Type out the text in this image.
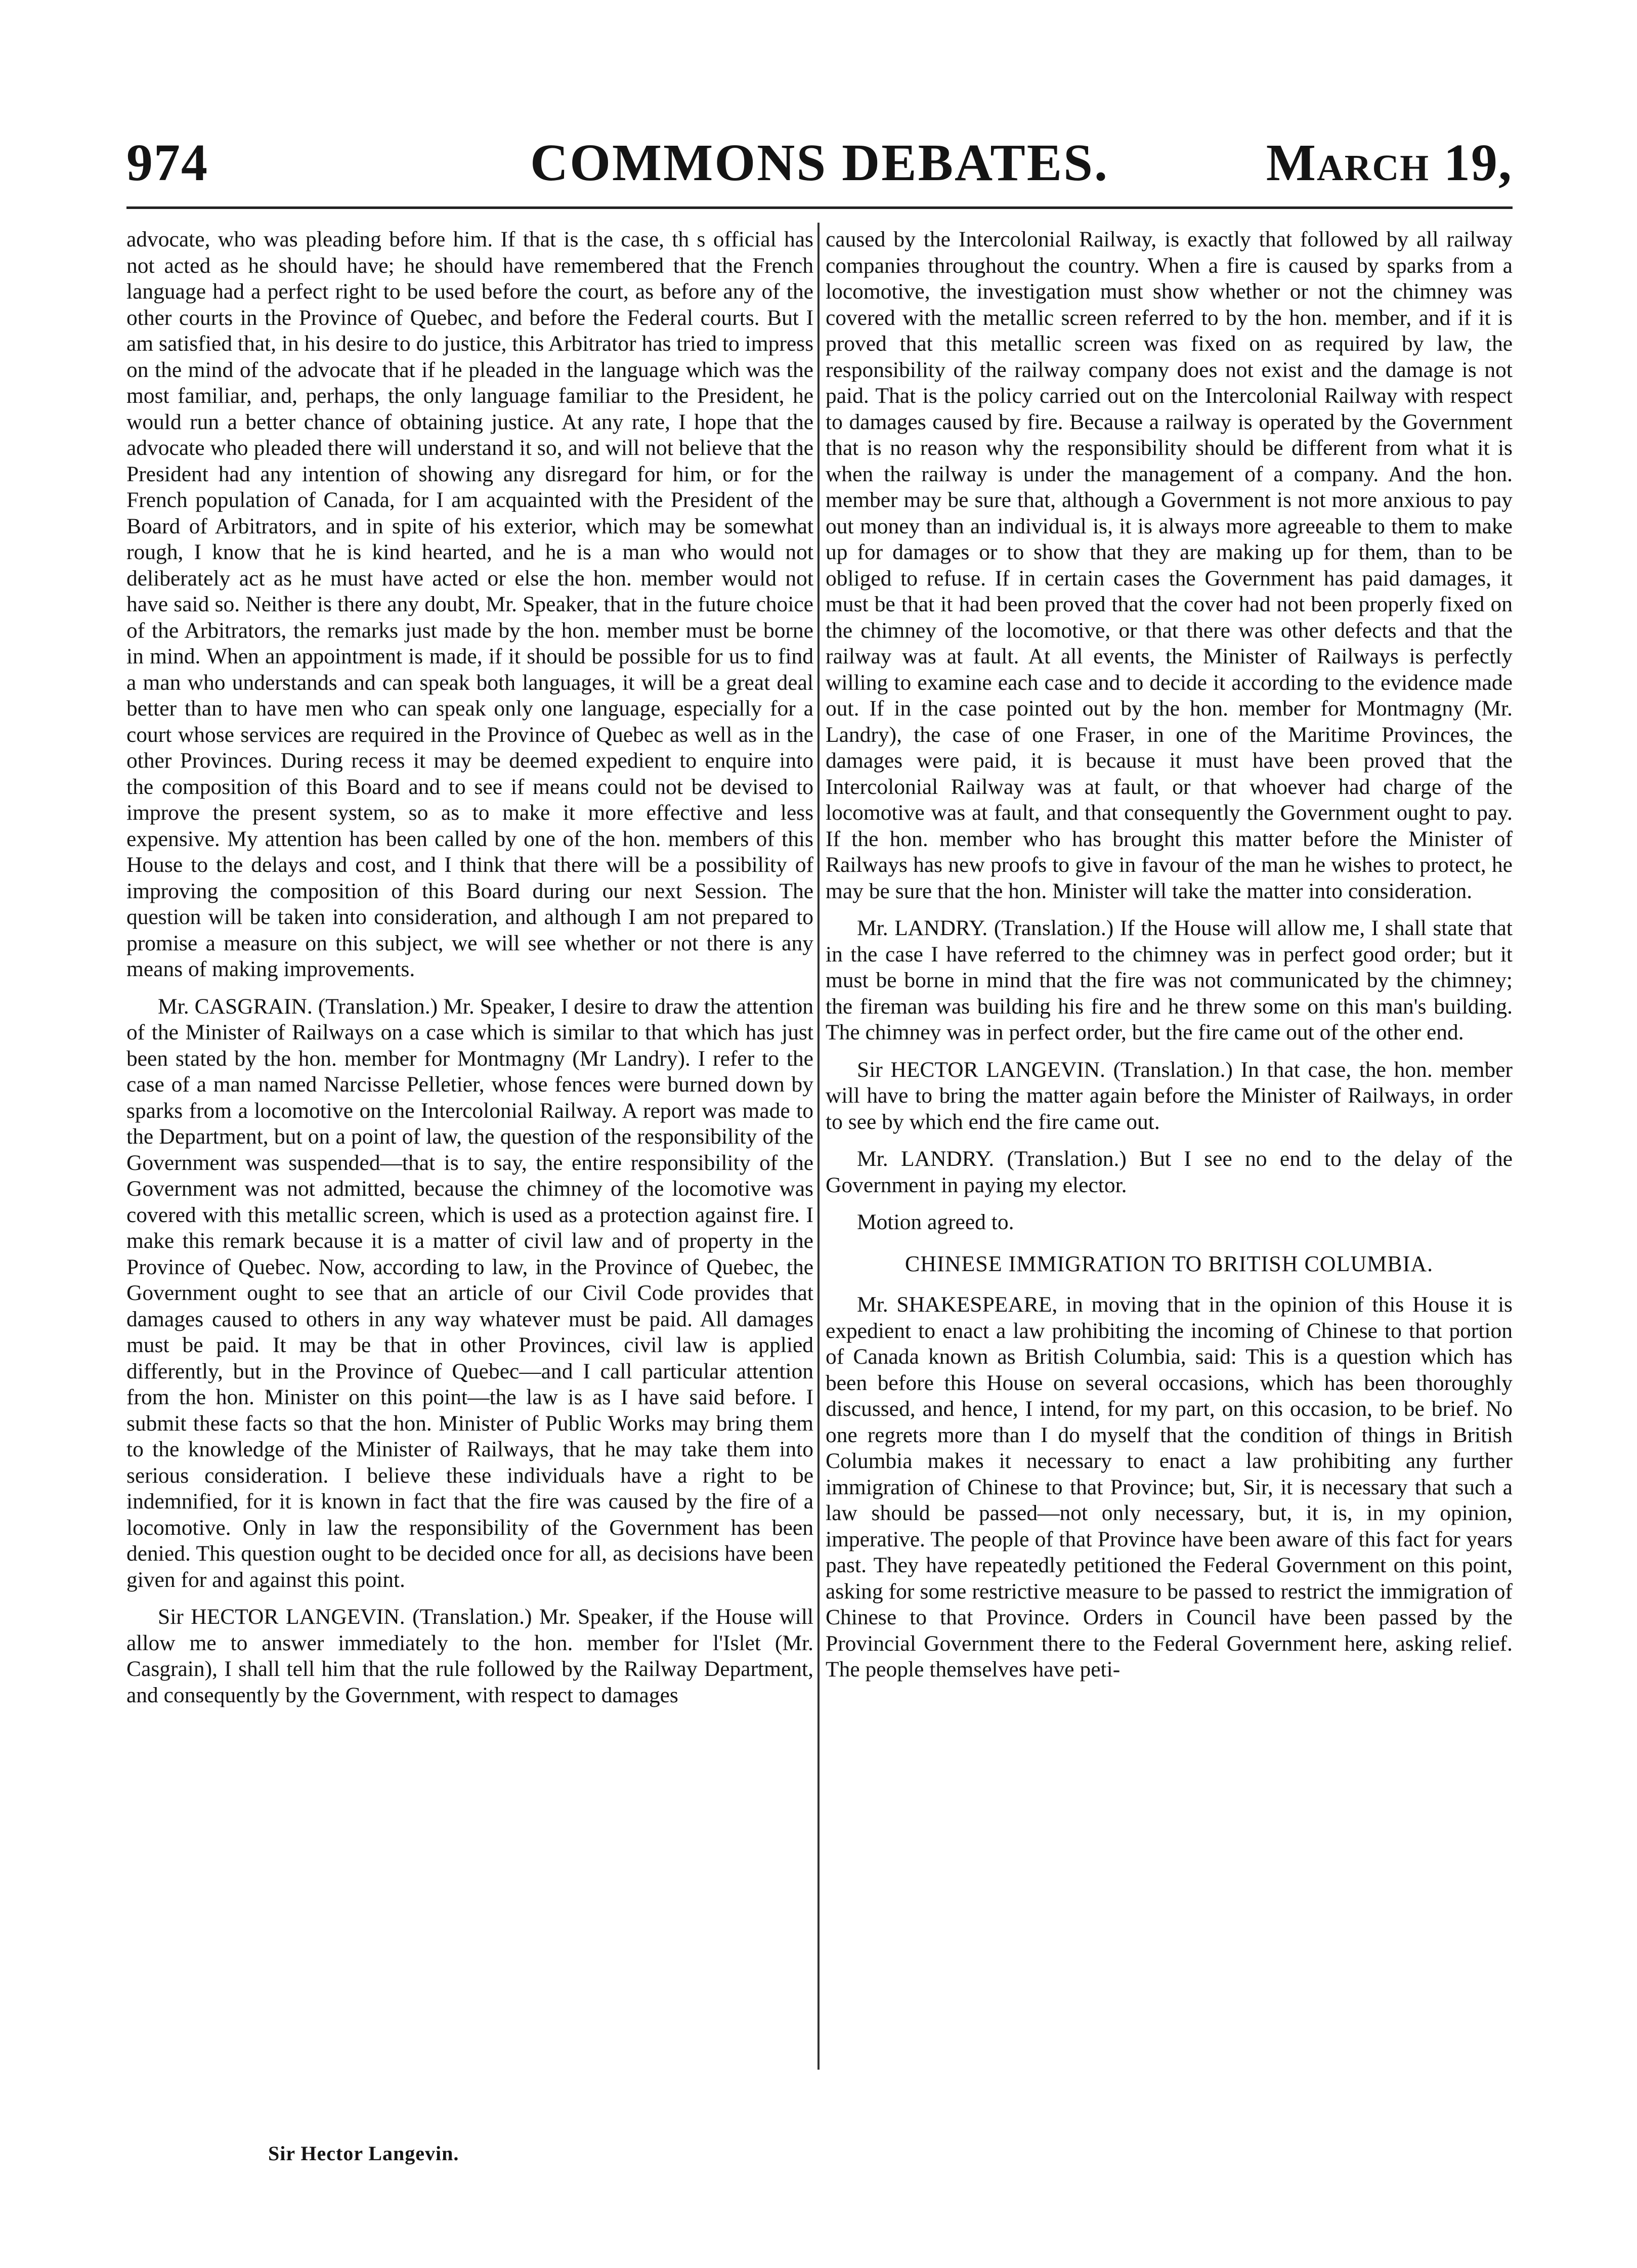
974	COMMONS DEBATES.	March 19,

advocate, who was pleading before him. If that is the case, th s official has not acted as he should have; he should have remembered that the French language had a perfect right to be used before the court, as before any of the other courts in the Province of Quebec, and before the Federal courts. But I am satisfied that, in his desire to do justice, this Arbitrator has tried to impress on the mind of the advocate that if he pleaded in the language which was the most familiar, and, perhaps, the only language familiar to the President, he would run a better chance of obtaining justice. At any rate, I hope that the advocate who pleaded there will understand it so, and will not believe that the President had any intention of showing any disregard for him, or for the French population of Canada, for I am acquainted with the President of the Board of Arbitrators, and in spite of his exterior, which may be somewhat rough, I know that he is kind hearted, and he is a man who would not deliberately act as he must have acted or else the hon. member would not have said so. Neither is there any doubt, Mr. Speaker, that in the future choice of the Arbitrators, the remarks just made by the hon. member must be borne in mind. When an appointment is made, if it should be possible for us to find a man who understands and can speak both languages, it will be a great deal better than to have men who can speak only one language, especially for a court whose services are required in the Province of Quebec as well as in the other Provinces. During recess it may be deemed expedient to enquire into the composition of this Board and to see if means could not be devised to improve the present system, so as to make it more effective and less expensive. My attention has been called by one of the hon. members of this House to the delays and cost, and I think that there will be a possibility of improving the composition of this Board during our next Session. The question will be taken into consideration, and although I am not prepared to promise a measure on this subject, we will see whether or not there is any means of making improvements.

Mr. CASGRAIN. (Translation.) Mr. Speaker, I desire to draw the attention of the Minister of Railways on a case which is similar to that which has just been stated by the hon. member for Montmagny (Mr Landry). I refer to the case of a man named Narcisse Pelletier, whose fences were burned down by sparks from a locomotive on the Intercolonial Railway. A report was made to the Department, but on a point of law, the question of the responsibility of the Government was suspended—that is to say, the entire responsibility of the Government was not admitted, because the chimney of the locomotive was covered with this metallic screen, which is used as a protection against fire. I make this remark because it is a matter of civil law and of property in the Province of Quebec. Now, according to law, in the Province of Quebec, the Government ought to see that an article of our Civil Code provides that damages caused to others in any way whatever must be paid. All damages must be paid. It may be that in other Provinces, civil law is applied differently, but in the Province of Quebec—and I call particular attention from the hon. Minister on this point—the law is as I have said before. I submit these facts so that the hon. Minister of Public Works may bring them to the knowledge of the Minister of Railways, that he may take them into serious consideration. I believe these individuals have a right to be indemnified, for it is known in fact that the fire was caused by the fire of a locomotive. Only in law the responsibility of the Government has been denied. This question ought to be decided once for all, as decisions have been given for and against this point.

Sir HECTOR LANGEVIN. (Translation.) Mr. Speaker, if the House will allow me to answer immediately to the hon. member for l'Islet (Mr. Casgrain), I shall tell him that the rule followed by the Railway Department, and consequently by the Government, with respect to damages

caused by the Intercolonial Railway, is exactly that followed by all railway companies throughout the country. When a fire is caused by sparks from a locomotive, the investigation must show whether or not the chimney was covered with the metallic screen referred to by the hon. member, and if it is proved that this metallic screen was fixed on as required by law, the responsibility of the railway company does not exist and the damage is not paid. That is the policy carried out on the Intercolonial Railway with respect to damages caused by fire. Because a railway is operated by the Government that is no reason why the responsibility should be different from what it is when the railway is under the management of a company. And the hon. member may be sure that, although a Government is not more anxious to pay out money than an individual is, it is always more agreeable to them to make up for damages or to show that they are making up for them, than to be obliged to refuse. If in certain cases the Government has paid damages, it must be that it had been proved that the cover had not been properly fixed on the chimney of the locomotive, or that there was other defects and that the railway was at fault. At all events, the Minister of Railways is perfectly willing to examine each case and to decide it according to the evidence made out. If in the case pointed out by the hon. member for Montmagny (Mr. Landry), the case of one Fraser, in one of the Maritime Provinces, the damages were paid, it is because it must have been proved that the Intercolonial Railway was at fault, or that whoever had charge of the locomotive was at fault, and that consequently the Government ought to pay. If the hon. member who has brought this matter before the Minister of Railways has new proofs to give in favour of the man he wishes to protect, he may be sure that the hon. Minister will take the matter into consideration.

Mr. LANDRY. (Translation.) If the House will allow me, I shall state that in the case I have referred to the chimney was in perfect good order; but it must be borne in mind that the fire was not communicated by the chimney; the fireman was building his fire and he threw some on this man's building. The chimney was in perfect order, but the fire came out of the other end.

Sir HECTOR LANGEVIN. (Translation.) In that case, the hon. member will have to bring the matter again before the Minister of Railways, in order to see by which end the fire came out.

Mr. LANDRY. (Translation.) But I see no end to the delay of the Government in paying my elector.

Motion agreed to.

CHINESE IMMIGRATION TO BRITISH COLUMBIA.

Mr. SHAKESPEARE, in moving that in the opinion of this House it is expedient to enact a law prohibiting the incoming of Chinese to that portion of Canada known as British Columbia, said: This is a question which has been before this House on several occasions, which has been thoroughly discussed, and hence, I intend, for my part, on this occasion, to be brief. No one regrets more than I do myself that the condition of things in British Columbia makes it necessary to enact a law prohibiting any further immigration of Chinese to that Province; but, Sir, it is necessary that such a law should be passed—not only necessary, but, it is, in my opinion, imperative. The people of that Province have been aware of this fact for years past. They have repeatedly petitioned the Federal Government on this point, asking for some restrictive measure to be passed to restrict the immigration of Chinese to that Province. Orders in Council have been passed by the Provincial Government there to the Federal Government here, asking relief. The people themselves have peti-

Sir Hector Langevin.
